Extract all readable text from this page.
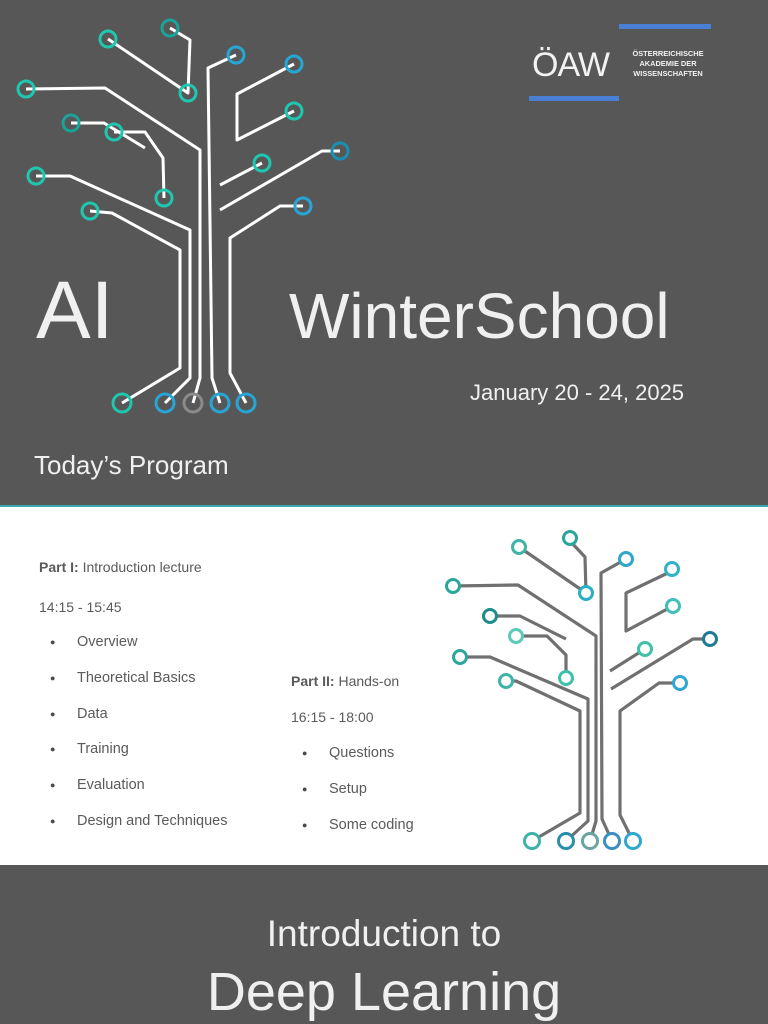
ÖAW	ÖSTERREICHISCHE
AKADEMIE DER
WISSENSCHAFTEN
AI	WinterSchool
January 20 - 24, 2025
Today’s Program
Part I: Introduction lecture
14:15 - 15:45
● Overview
● Theoretical Basics
● Data
● Training
● Evaluation
● Design and Techniques
Part II: Hands-on
16:15 - 18:00
● Questions
● Setup
● Some coding
Introduction to
Deep Learning
